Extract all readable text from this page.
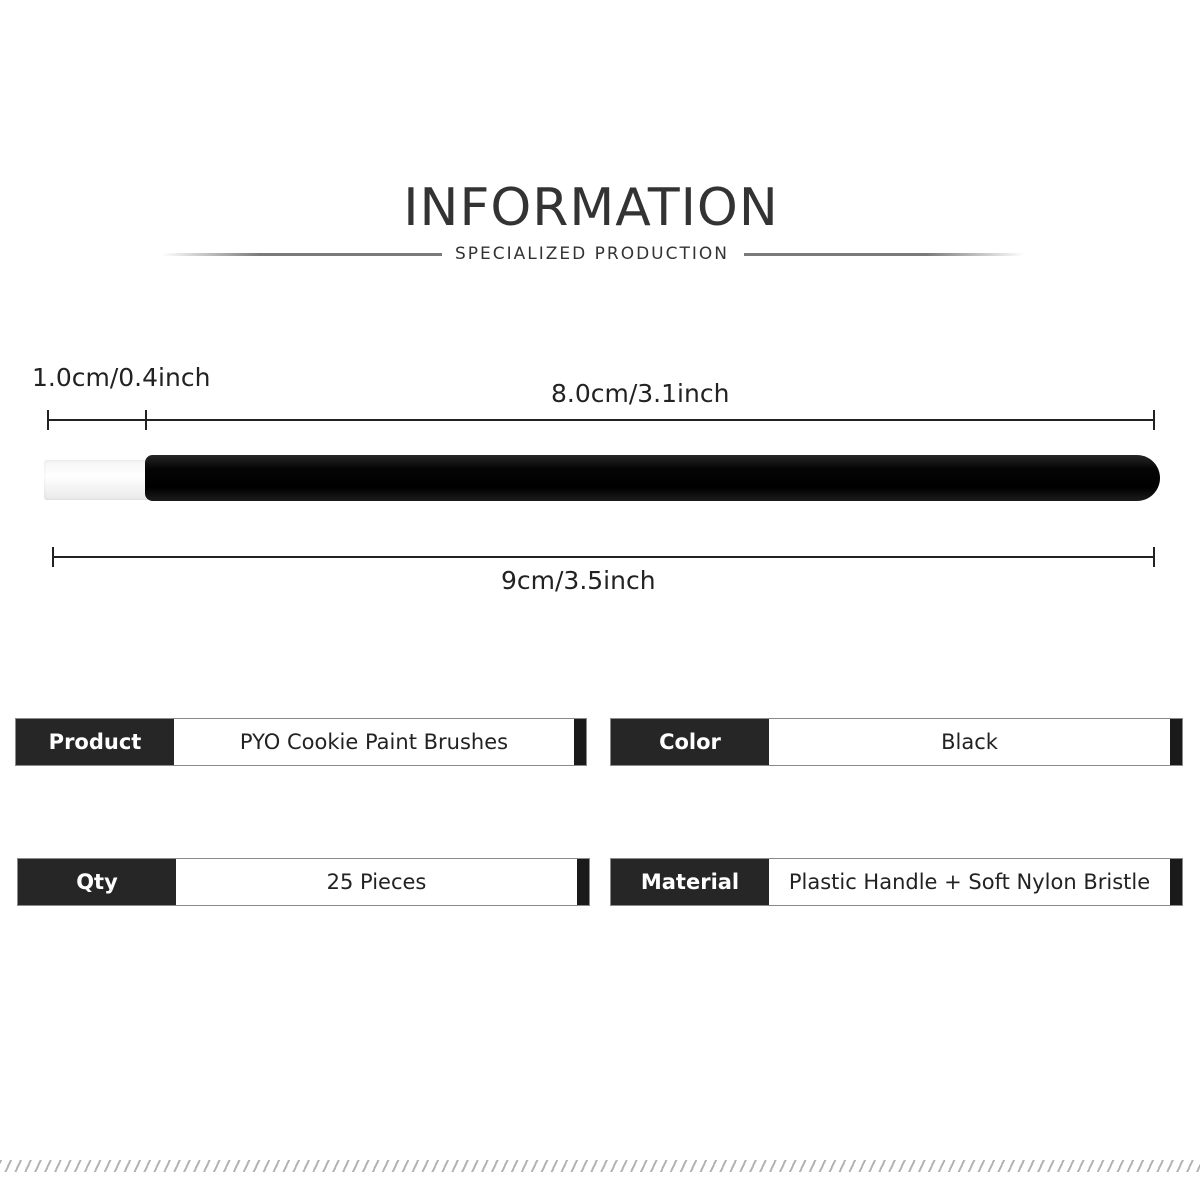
INFORMATION
SPECIALIZED PRODUCTION
1.0cm/0.4inch
8.0cm/3.1inch
9cm/3.5inch
Product	PYO Cookie Paint Brushes	Color	Black
Qty	25 Pieces	Material	Plastic Handle + Soft Nylon Bristle
